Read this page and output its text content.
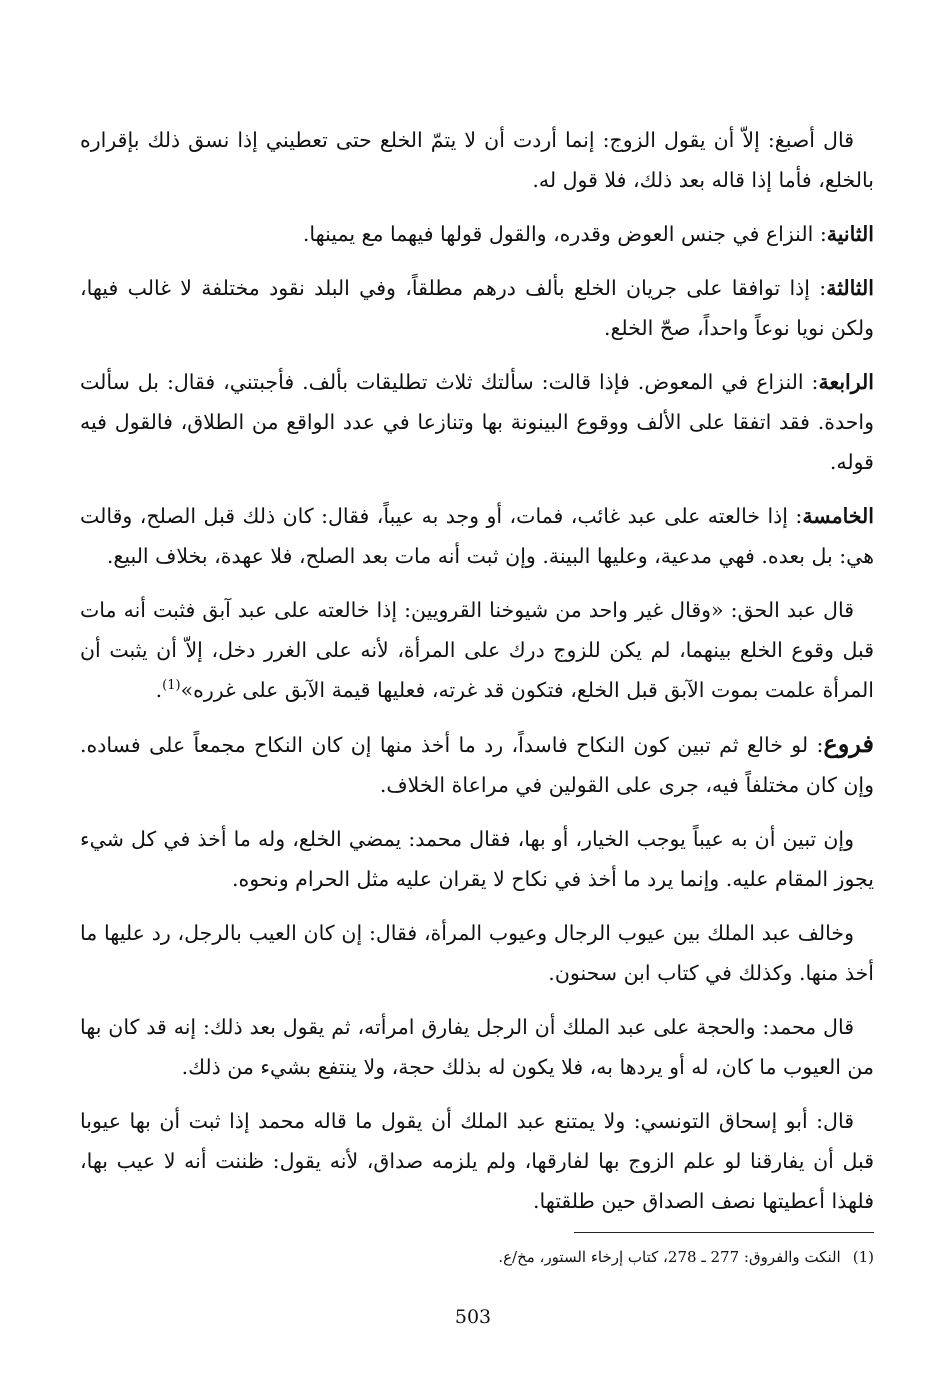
قال أصبغ: إلاّ أن يقول الزوج: إنما أردت أن لا يتمّ الخلع حتى تعطيني إذا نسق ذلك بإقراره بالخلع، فأما إذا قاله بعد ذلك، فلا قول له.

الثانية: النزاع في جنس العوض وقدره، والقول قولها فيهما مع يمينها.

الثالثة: إذا توافقا على جريان الخلع بألف درهم مطلقاً، وفي البلد نقود مختلفة لا غالب فيها، ولكن نويا نوعاً واحداً، صحّ الخلع.

الرابعة: النزاع في المعوض. فإذا قالت: سألتك ثلاث تطليقات بألف. فأجبتني، فقال: بل سألت واحدة. فقد اتفقا على الألف ووقوع البينونة بها وتنازعا في عدد الواقع من الطلاق، فالقول فيه قوله.

الخامسة: إذا خالعته على عبد غائب، فمات، أو وجد به عيباً، فقال: كان ذلك قبل الصلح، وقالت هي: بل بعده. فهي مدعية، وعليها البينة. وإن ثبت أنه مات بعد الصلح، فلا عهدة، بخلاف البيع.

قال عبد الحق: «وقال غير واحد من شيوخنا القرويين: إذا خالعته على عبد آبق فثبت أنه مات قبل وقوع الخلع بينهما، لم يكن للزوج درك على المرأة، لأنه على الغرر دخل، إلاّ أن يثبت أن المرأة علمت بموت الآبق قبل الخلع، فتكون قد غرته، فعليها قيمة الآبق على غرره»$^{(1)}$.

فروع: لو خالع ثم تبين كون النكاح فاسداً، رد ما أخذ منها إن كان النكاح مجمعاً على فساده. وإن كان مختلفاً فيه، جرى على القولين في مراعاة الخلاف.

وإن تبين أن به عيباً يوجب الخيار، أو بها، فقال محمد: يمضي الخلع، وله ما أخذ في كل شيء يجوز المقام عليه. وإنما يرد ما أخذ في نكاح لا يقران عليه مثل الحرام ونحوه.

وخالف عبد الملك بين عيوب الرجال وعيوب المرأة، فقال: إن كان العيب بالرجل، رد عليها ما أخذ منها. وكذلك في كتاب ابن سحنون.

قال محمد: والحجة على عبد الملك أن الرجل يفارق امرأته، ثم يقول بعد ذلك: إنه قد كان بها من العيوب ما كان، له أو يردها به، فلا يكون له بذلك حجة، ولا ينتفع بشيء من ذلك.

قال: أبو إسحاق التونسي: ولا يمتنع عبد الملك أن يقول ما قاله محمد إذا ثبت أن بها عيوبا قبل أن يفارقنا لو علم الزوج بها لفارقها، ولم يلزمه صداق، لأنه يقول: ظننت أنه لا عيب بها، فلهذا أعطيتها نصف الصداق حين طلقتها.

(1)النكت والفروق: 277 ـ 278، كتاب إرخاء الستور، مخ/ع.
503
